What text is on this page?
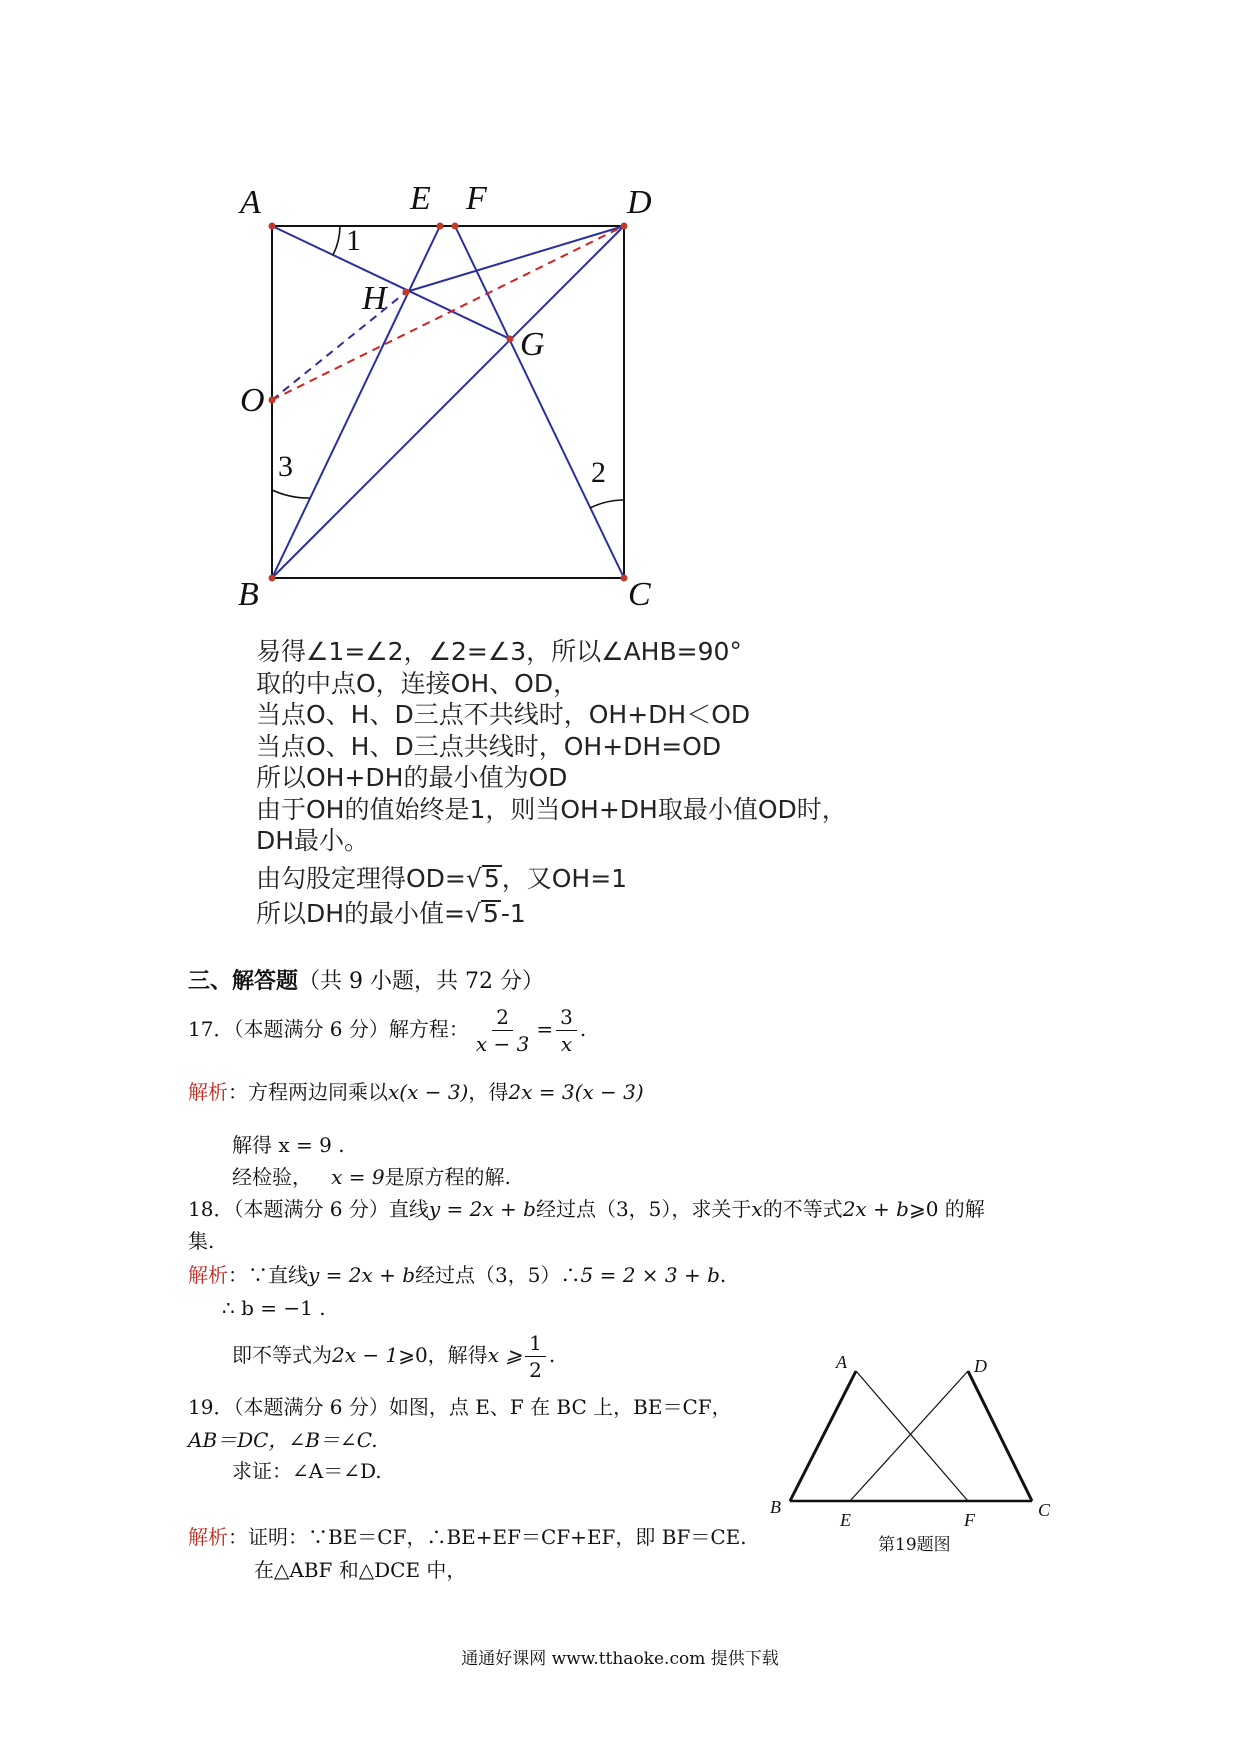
A	E F	D
H
G
O
B	C
1
2
3
易得∠1=∠2，∠2=∠3，所以∠AHB=90°
取的中点O，连接OH、OD，
当点O、H、D三点不共线时，OH+DH＜OD
当点O、H、D三点共线时，OH+DH=OD
所以OH+DH的最小值为OD
由于OH的值始终是1，则当OH+DH取最小值OD时，
DH最小。
由勾股定理得OD=√5，又OH=1
所以DH的最小值=√5-1
三、解答题（共 9 小题，共 72 分）
17．（本题满分 6 分）解方程： $\frac{2}{x - 3} = \frac{3}{x}$ .
解析：方程两边同乘以x(x − 3)，得2x = 3(x − 3)
解得 x = 9 .
经检验， x = 9是原方程的解.
18．（本题满分 6 分）直线y = 2x + b经过点（3，5），求关于x的不等式2x + b⩾0 的解
集.
解析：∵直线y = 2x + b经过点（3，5）∴5 = 2 × 3 + b.
∴ b = −1 .
即不等式为2x − 1⩾0，解得x ⩾ $\frac{1}{2}$ .
19．（本题满分 6 分）如图，点 E、F 在 BC 上，BE＝CF，
AB＝DC，∠B＝∠C.
求证：∠A＝∠D.
解析：证明：∵BE＝CF，∴BE+EF＝CF+EF，即 BF＝CE.
在△ABF 和△DCE 中，
A	D
B
E	F	C
第19题图
通通好课网 www.tthaoke.com 提供下载
